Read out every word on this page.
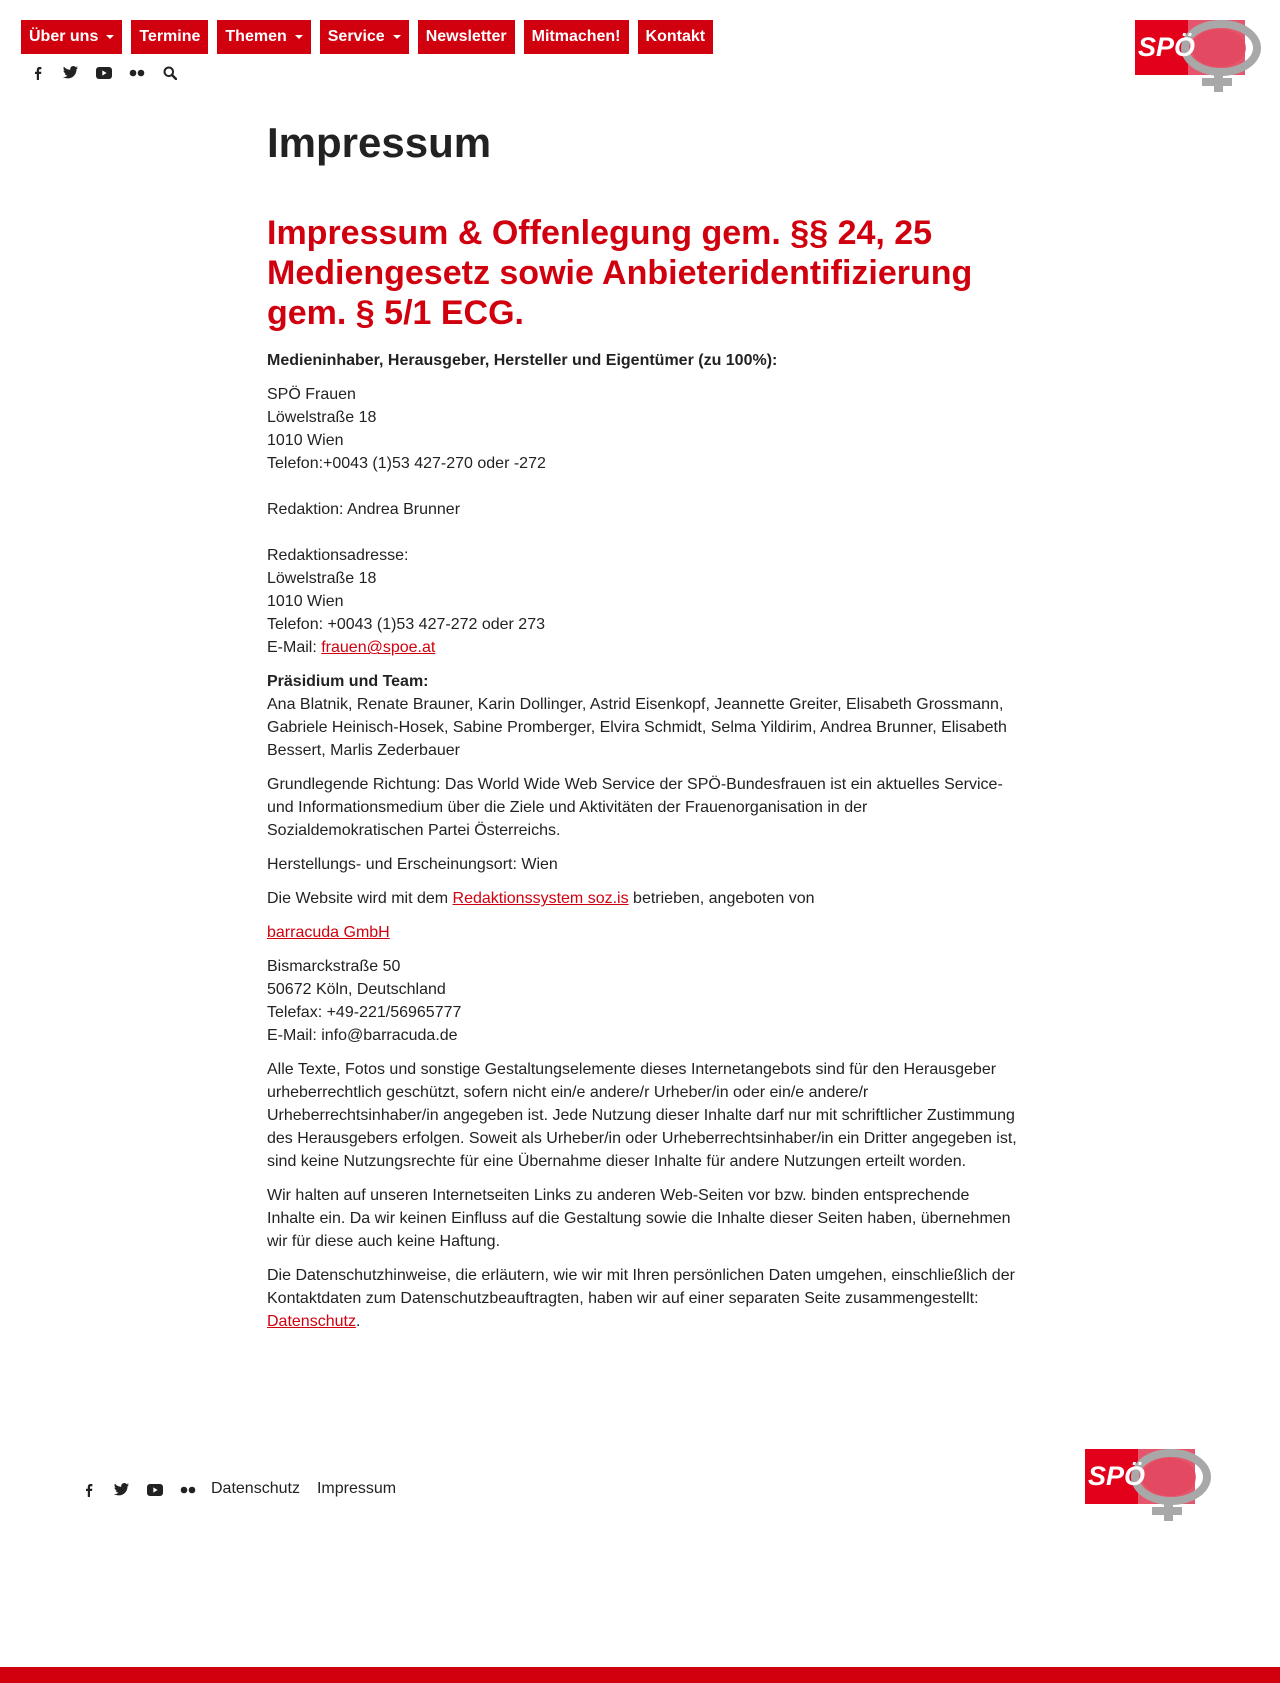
Über uns	Termine Themen	Service	Newsletter Mitmachen! Kontakt	SPÖ
Impressum
Impressum & Offenlegung gem. §§ 24, 25 Mediengesetz sowie Anbieteridentifizierung gem. § 5/1 ECG.

Medieninhaber, Herausgeber, Hersteller und Eigentümer (zu 100%):

SPÖ Frauen
Löwelstraße 18
1010 Wien
Telefon:+0043 (1)53 427-270 oder -272
Redaktion: Andrea Brunner
Redaktionsadresse:
Löwelstraße 18
1010 Wien
Telefon: +0043 (1)53 427-272 oder 273
E-Mail: frauen@spoe.at
Präsidium und Team:
Ana Blatnik, Renate Brauner, Karin Dollinger, Astrid Eisenkopf, Jeannette Greiter, Elisabeth Grossmann, Gabriele Heinisch-Hosek, Sabine Promberger, Elvira Schmidt, Selma Yildirim, Andrea Brunner, Elisabeth Bessert, Marlis Zederbauer

Grundlegende Richtung: Das World Wide Web Service der SPÖ-Bundesfrauen ist ein aktuelles Service- und Informationsmedium über die Ziele und Aktivitäten der Frauenorganisation in der Sozialdemokratischen Partei Österreichs.

Herstellungs- und Erscheinungsort: Wien

Die Website wird mit dem Redaktionssystem soz.is betrieben, angeboten von

barracuda GmbH

Bismarckstraße 50
50672 Köln, Deutschland
Telefax: +49-221/56965777
E-Mail: info@barracuda.de

Alle Texte, Fotos und sonstige Gestaltungselemente dieses Internetangebots sind für den Herausgeber urheberrechtlich geschützt, sofern nicht ein/e andere/r Urheber/in oder ein/e andere/r Urheberrechtsinhaber/in angegeben ist. Jede Nutzung dieser Inhalte darf nur mit schriftlicher Zustimmung des Herausgebers erfolgen. Soweit als Urheber/in oder Urheberrechtsinhaber/in ein Dritter angegeben ist, sind keine Nutzungsrechte für eine Übernahme dieser Inhalte für andere Nutzungen erteilt worden.

Wir halten auf unseren Internetseiten Links zu anderen Web-Seiten vor bzw. binden entsprechende Inhalte ein. Da wir keinen Einfluss auf die Gestaltung sowie die Inhalte dieser Seiten haben, übernehmen wir für diese auch keine Haftung.

Die Datenschutzhinweise, die erläutern, wie wir mit Ihren persönlichen Daten umgehen, einschließlich der Kontaktdaten zum Datenschutzbeauftragten, haben wir auf einer separaten Seite zusammengestellt: Datenschutz.

Datenschutz Impressum	SPÖ
